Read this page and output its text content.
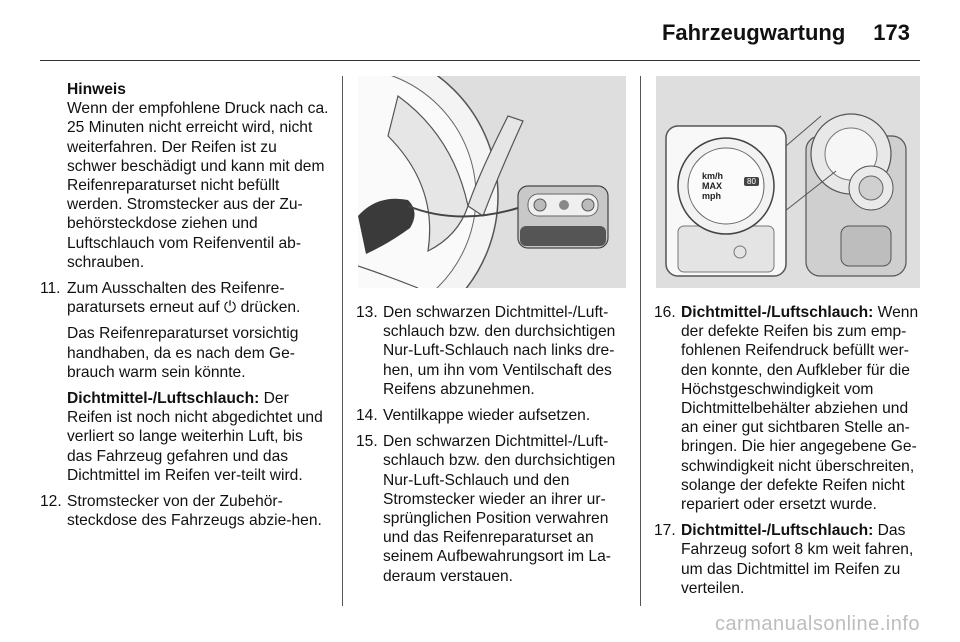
Fahrzeugwartung 173

Hinweis

Wenn der empfohlene Druck nach ca. 25 Minuten nicht erreicht wird, nicht weiterfahren. Der Reifen ist zu schwer beschädigt und kann mit dem Reifenreparaturset nicht befüllt werden. Stromstecker aus der Zu-behörsteckdose ziehen und Luftschlauch vom Reifenventil ab-schrauben.

11. Zum Ausschalten des Reifenre-paratursets erneut auf ⏻ drücken.

Das Reifenreparaturset vorsichtig handhaben, da es nach dem Ge-brauch warm sein könnte.

Dichtmittel-/Luftschlauch: Der Reifen ist noch nicht abgedichtet und verliert so lange weiterhin Luft, bis das Fahrzeug gefahren und das Dichtmittel im Reifen ver-teilt wird.

12. Stromstecker von der Zubehör-steckdose des Fahrzeugs abzie-hen.

13. Den schwarzen Dichtmittel-/Luft-schlauch bzw. den durchsichtigen Nur-Luft-Schlauch nach links dre-hen, um ihn vom Ventilschaft des Reifens abzunehmen.

14. Ventilkappe wieder aufsetzen.

15. Den schwarzen Dichtmittel-/Luft-schlauch bzw. den durchsichtigen Nur-Luft-Schlauch und den Stromstecker wieder an ihrer ur-sprünglichen Position verwahren und das Reifenreparaturset an seinem Aufbewahrungsort im La-deraum verstauen.

km/h
MAX
mph
80
16. Dichtmittel-/Luftschlauch: Wenn der defekte Reifen bis zum emp-fohlenen Reifendruck befüllt wer-den konnte, den Aufkleber für die Höchstgeschwindigkeit vom Dichtmittelbehälter abziehen und an einer gut sichtbaren Stelle an-bringen. Die hier angegebene Ge-schwindigkeit nicht überschreiten, solange der defekte Reifen nicht repariert oder ersetzt wurde.

17. Dichtmittel-/Luftschlauch: Das Fahrzeug sofort 8 km weit fahren, um das Dichtmittel im Reifen zu verteilen.

carmanualsonline.info
